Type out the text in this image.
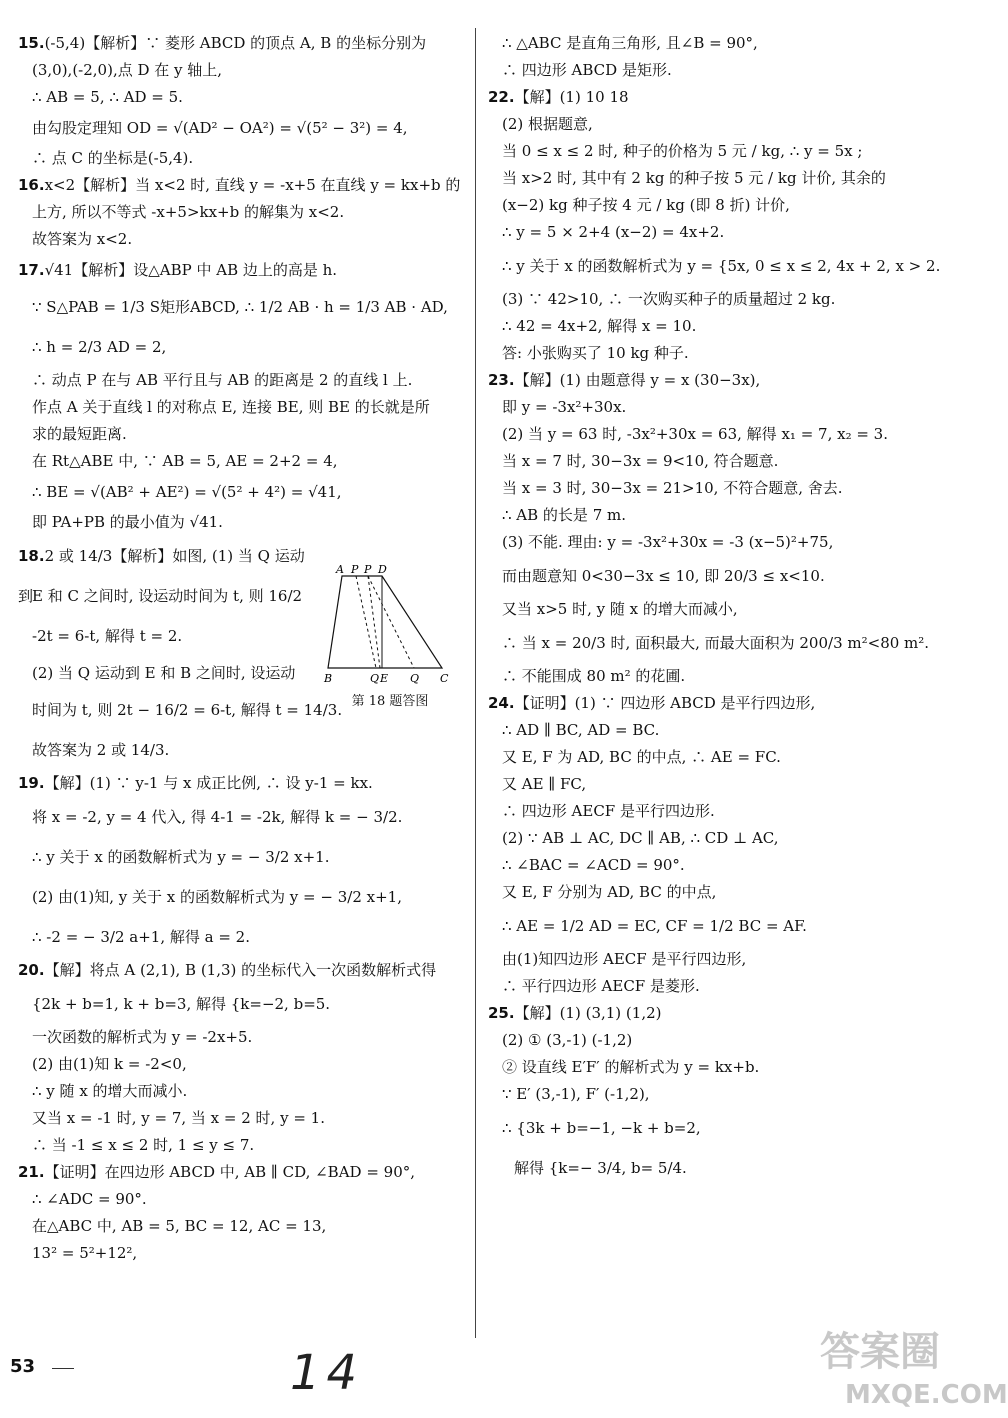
15.(-5,4)【解析】∵ 菱形 ABCD 的顶点 A, B 的坐标分别为
(3,0),(-2,0),点 D 在 y 轴上,
∴ AB = 5, ∴ AD = 5.
由勾股定理知 OD = √(AD² − OA²) = √(5² − 3²) = 4,
∴ 点 C 的坐标是(-5,4).
16.x<2【解析】当 x<2 时, 直线 y = -x+5 在直线 y = kx+b 的
上方, 所以不等式 -x+5>kx+b 的解集为 x<2.
故答案为 x<2.
17.√41【解析】设△ABP 中 AB 边上的高是 h.
∵ S△PAB = 1/3 S矩形ABCD, ∴ 1/2 AB · h = 1/3 AB · AD,
∴ h = 2/3 AD = 2,
∴ 动点 P 在与 AB 平行且与 AB 的距离是 2 的直线 l 上.
作点 A 关于直线 l 的对称点 E, 连接 BE, 则 BE 的长就是所
求的最短距离.
在 Rt△ABE 中, ∵ AB = 5, AE = 2+2 = 4,
∴ BE = √(AB² + AE²) = √(5² + 4²) = √41,
即 PA+PB 的最小值为 √41.
18.2 或 14/3【解析】如图, (1) 当 Q 运动到
E 和 C 之间时, 设运动时间为 t, 则 16/2
-2t = 6-t, 解得 t = 2.
(2) 当 Q 运动到 E 和 B 之间时, 设运动
时间为 t, 则 2t − 16/2 = 6-t, 解得 t = 14/3.
故答案为 2 或 14/3.
19.【解】(1) ∵ y-1 与 x 成正比例, ∴ 设 y-1 = kx.
将 x = -2, y = 4 代入, 得 4-1 = -2k, 解得 k = − 3/2.
∴ y 关于 x 的函数解析式为 y = − 3/2 x+1.
(2) 由(1)知, y 关于 x 的函数解析式为 y = − 3/2 x+1,
∴ -2 = − 3/2 a+1, 解得 a = 2.
20.【解】将点 A (2,1), B (1,3) 的坐标代入一次函数解析式得
{2k + b=1, k + b=3, 解得 {k=−2, b=5.
一次函数的解析式为 y = -2x+5.
(2) 由(1)知 k = -2<0,
∴ y 随 x 的增大而减小.
又当 x = -1 时, y = 7, 当 x = 2 时, y = 1.
∴ 当 -1 ≤ x ≤ 2 时, 1 ≤ y ≤ 7.
21.【证明】在四边形 ABCD 中, AB ∥ CD, ∠BAD = 90°,
∴ ∠ADC = 90°.
在△ABC 中, AB = 5, BC = 12, AC = 13,
13² = 5²+12²,
A P P D
B	Q E Q C
第 18 题答图
∴ △ABC 是直角三角形, 且∠B = 90°,
∴ 四边形 ABCD 是矩形.
22.【解】(1) 10 18
(2) 根据题意,
当 0 ≤ x ≤ 2 时, 种子的价格为 5 元 / kg, ∴ y = 5x ;
当 x>2 时, 其中有 2 kg 的种子按 5 元 / kg 计价, 其余的
(x−2) kg 种子按 4 元 / kg (即 8 折) 计价,
∴ y = 5 × 2+4 (x−2) = 4x+2.
∴ y 关于 x 的函数解析式为 y = {5x, 0 ≤ x ≤ 2, 4x + 2, x > 2.
(3) ∵ 42>10, ∴ 一次购买种子的质量超过 2 kg.
∴ 42 = 4x+2, 解得 x = 10.
答: 小张购买了 10 kg 种子.
23.【解】(1) 由题意得 y = x (30−3x),
即 y = -3x²+30x.
(2) 当 y = 63 时, -3x²+30x = 63, 解得 x₁ = 7, x₂ = 3.
当 x = 7 时, 30−3x = 9<10, 符合题意.
当 x = 3 时, 30−3x = 21>10, 不符合题意, 舍去.
∴ AB 的长是 7 m.
(3) 不能. 理由: y = -3x²+30x = -3 (x−5)²+75,
而由题意知 0<30−3x ≤ 10, 即 20/3 ≤ x<10.
又当 x>5 时, y 随 x 的增大而减小,
∴ 当 x = 20/3 时, 面积最大, 而最大面积为 200/3 m²<80 m².
∴ 不能围成 80 m² 的花圃.
24.【证明】(1) ∵ 四边形 ABCD 是平行四边形,
∴ AD ∥ BC, AD = BC.
又 E, F 为 AD, BC 的中点, ∴ AE = FC.
又 AE ∥ FC,
∴ 四边形 AECF 是平行四边形.
(2) ∵ AB ⊥ AC, DC ∥ AB, ∴ CD ⊥ AC,
∴ ∠BAC = ∠ACD = 90°.
又 E, F 分别为 AD, BC 的中点,
∴ AE = 1/2 AD = EC, CF = 1/2 BC = AF.
由(1)知四边形 AECF 是平行四边形,
∴ 平行四边形 AECF 是菱形.
25.【解】(1) (3,1) (1,2)
(2) ① (3,-1) (-1,2)
② 设直线 E′F′ 的解析式为 y = kx+b.
∵ E′ (3,-1), F′ (-1,2),
∴ {3k + b=−1, −k + b=2,
解得 {k=− 3/4, b= 5/4.
53	14	答案圈
MXQE.COM
